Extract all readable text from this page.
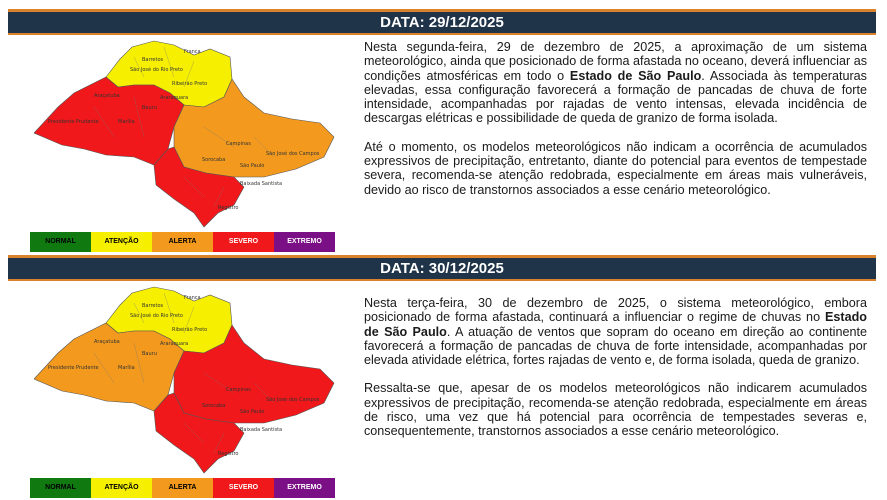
DATA: 29/12/2025
Franca
Barretos
São José do Rio Preto
Ribeirão Preto
Araçatuba	Araraquara
Presidente Prudente	Marília
Bauru
Campinas
Sorocaba
São Paulo
São José dos Campos
Baixada Santista
Registro
NORMAL	ATENÇÃO	ALERTA	SEVERO	EXTREMO

Nesta segunda-feira, 29 de dezembro de 2025, a aproximação de um sistema meteorológico, ainda que posicionado de forma afastada no oceano, deverá influenciar as condições atmosféricas em todo o Estado de São Paulo. Associada às temperaturas elevadas, essa configuração favorecerá a formação de pancadas de chuva de forte intensidade, acompanhadas por rajadas de vento intensas, elevada incidência de descargas elétricas e possibilidade de queda de granizo de forma isolada.

Até o momento, os modelos meteorológicos não indicam a ocorrência de acumulados expressivos de precipitação, entretanto, diante do potencial para eventos de tempestade severa, recomenda-se atenção redobrada, especialmente em áreas mais vulneráveis, devido ao risco de transtornos associados a esse cenário meteorológico.

DATA: 30/12/2025
Franca
Barretos
São José do Rio Preto
Ribeirão Preto
Araçatuba	Araraquara
Presidente Prudente	Marília
Bauru
Campinas
Sorocaba
São Paulo
São José dos Campos
Baixada Santista
Registro
NORMAL	ATENÇÃO	ALERTA	SEVERO	EXTREMO

Nesta terça-feira, 30 de dezembro de 2025, o sistema meteorológico, embora posicionado de forma afastada, continuará a influenciar o regime de chuvas no Estado de São Paulo. A atuação de ventos que sopram do oceano em direção ao continente favorecerá a formação de pancadas de chuva de forte intensidade, acompanhadas por elevada atividade elétrica, fortes rajadas de vento e, de forma isolada, queda de granizo.

Ressalta-se que, apesar de os modelos meteorológicos não indicarem acumulados expressivos de precipitação, recomenda-se atenção redobrada, especialmente em áreas de risco, uma vez que há potencial para ocorrência de tempestades severas e, consequentemente, transtornos associados a esse cenário meteorológico.
